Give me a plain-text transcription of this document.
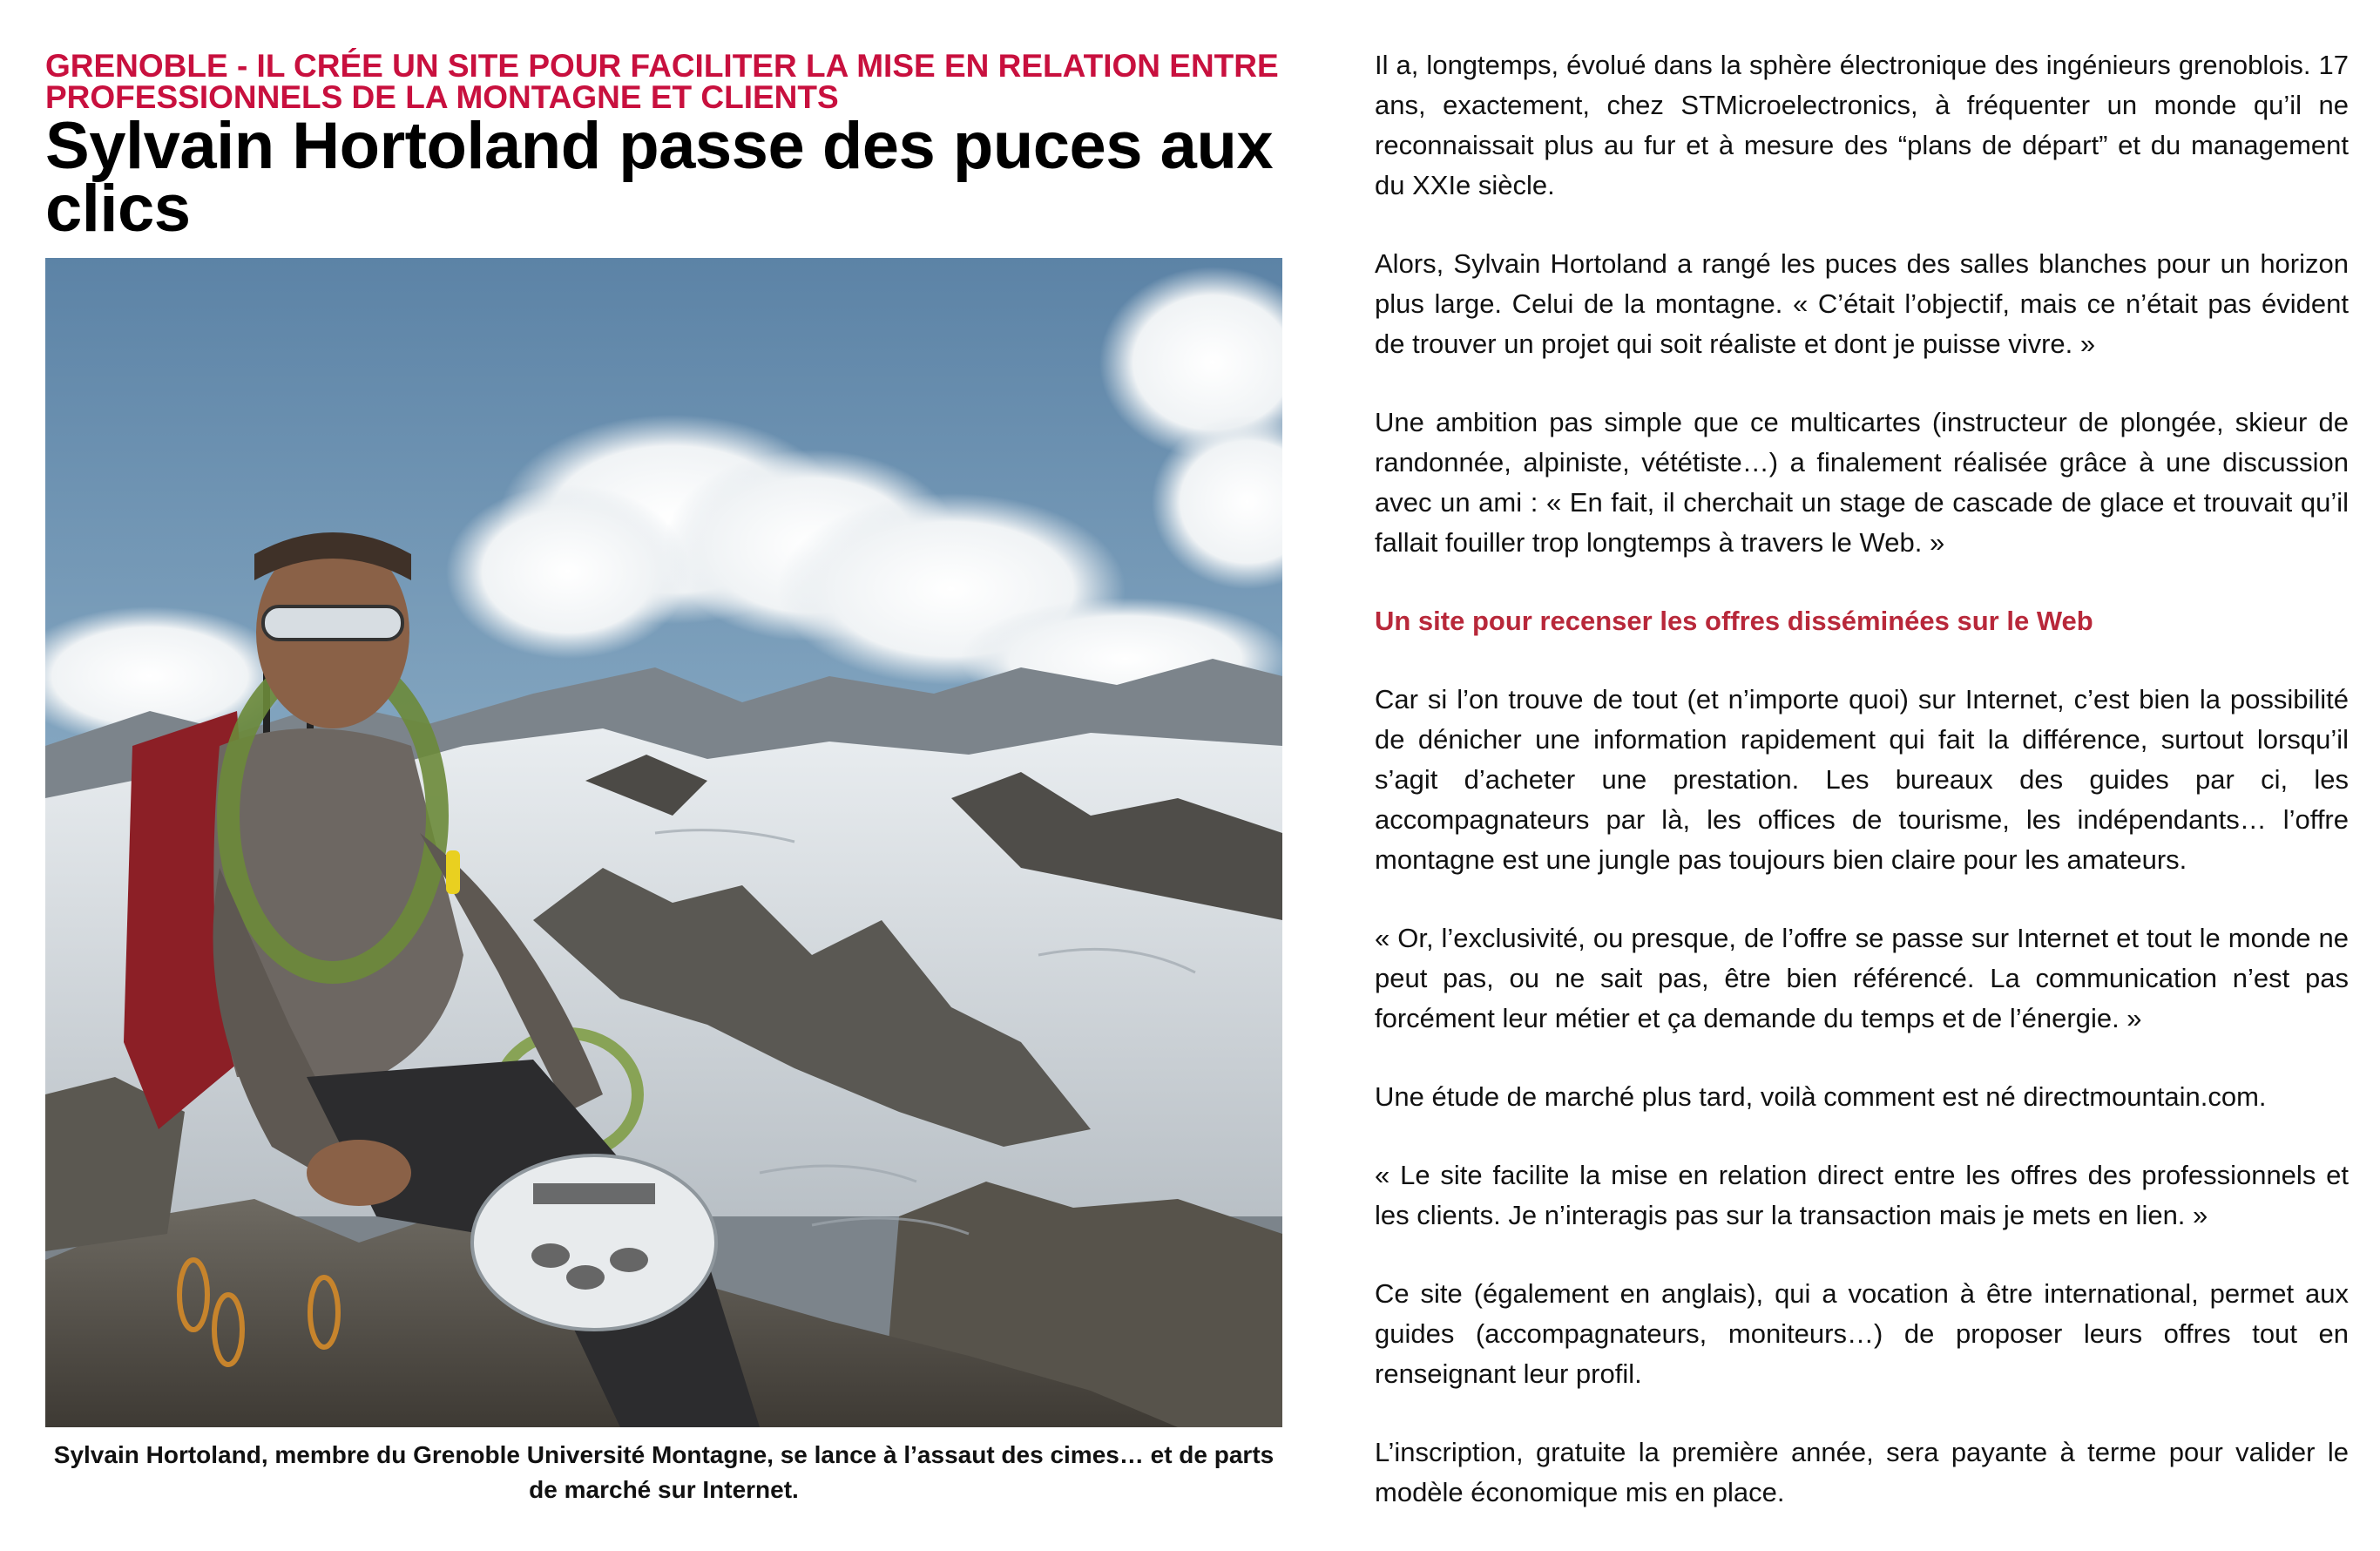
GRENOBLE - IL CRÉE UN SITE POUR FACILITER LA MISE EN RELATION ENTRE PROFESSIONNELS DE LA MONTAGNE ET CLIENTS

Sylvain Hortoland passe des puces aux clics
Sylvain Hortoland, membre du Grenoble Université Montagne, se lance à l’assaut des cimes… et de parts de marché sur Internet.

Il a, longtemps, évolué dans la sphère électronique des ingénieurs grenoblois. 17 ans, exactement, chez STMicroelectronics, à fréquenter un monde qu’il ne reconnaissait plus au fur et à mesure des “plans de départ” et du management du XXIe siècle.

Alors, Sylvain Hortoland a rangé les puces des salles blanches pour un horizon plus large. Celui de la montagne. « C’était l’objectif, mais ce n’était pas évident de trouver un projet qui soit réaliste et dont je puisse vivre. »

Une ambition pas simple que ce multicartes (instructeur de plongée, skieur de randonnée, alpiniste, vététiste…) a finalement réalisée grâce à une discussion avec un ami : « En fait, il cherchait un stage de cascade de glace et trouvait qu’il fallait fouiller trop longtemps à travers le Web. »

Un site pour recenser les offres disséminées sur le Web

Car si l’on trouve de tout (et n’importe quoi) sur Internet, c’est bien la possibilité de dénicher une information rapidement qui fait la différence, surtout lorsqu’il s’agit d’acheter une prestation. Les bureaux des guides par ci, les accompagnateurs par là, les offices de tourisme, les indépendants… l’offre montagne est une jungle pas toujours bien claire pour les amateurs.

« Or, l’exclusivité, ou presque, de l’offre se passe sur Internet et tout le monde ne peut pas, ou ne sait pas, être bien référencé. La communication n’est pas forcément leur métier et ça demande du temps et de l’énergie. »

Une étude de marché plus tard, voilà comment est né directmountain.com.

« Le site facilite la mise en relation direct entre les offres des professionnels et les clients. Je n’interagis pas sur la transaction mais je mets en lien. »

Ce site (également en anglais), qui a vocation à être international, permet aux guides (accompagnateurs, moniteurs…) de proposer leurs offres tout en renseignant leur profil.

L’inscription, gratuite la première année, sera payante à terme pour valider le modèle économique mis en place.
